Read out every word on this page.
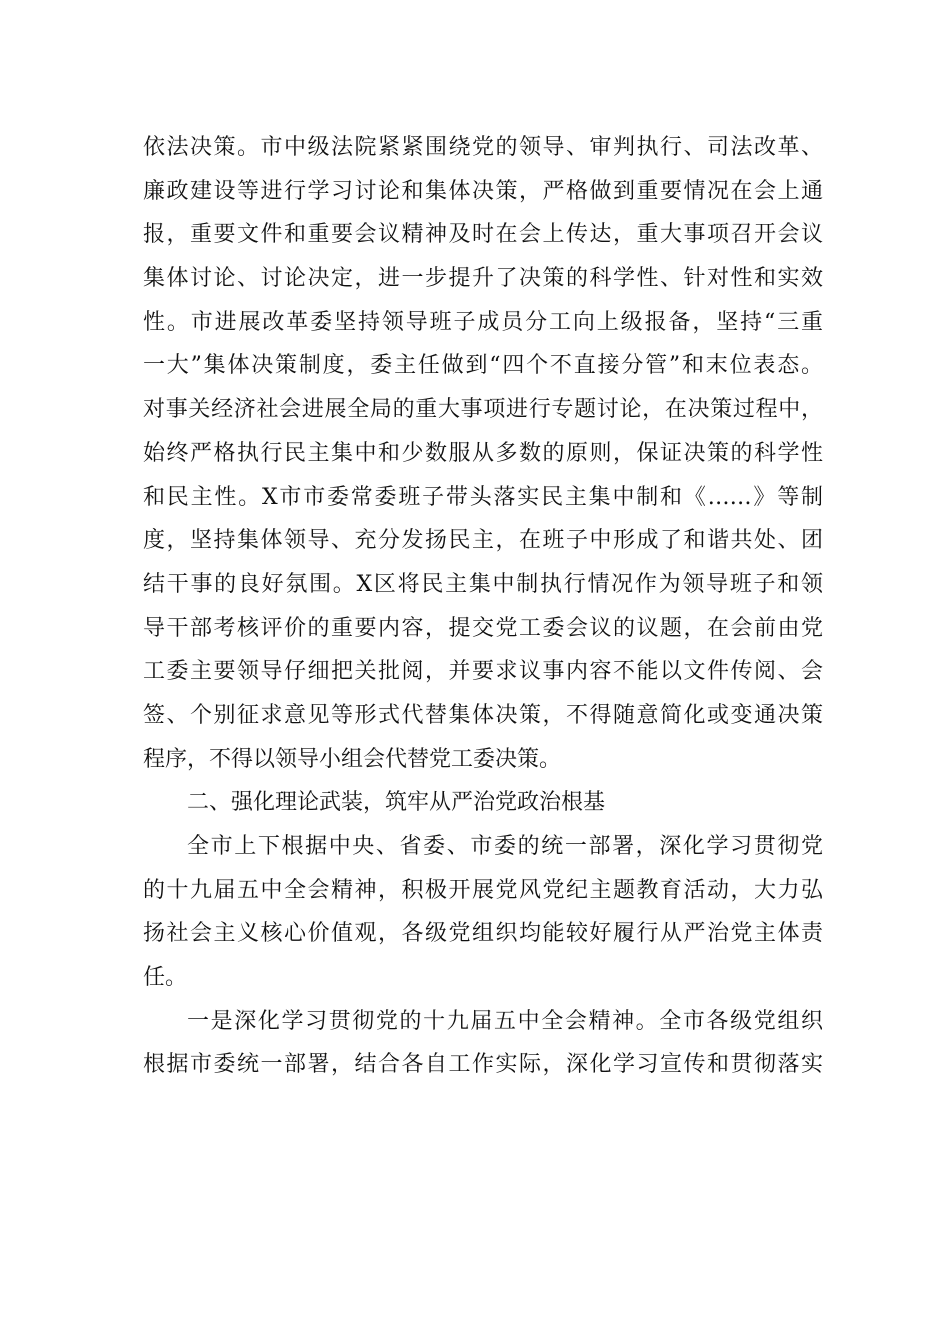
依法决策。市中级法院紧紧围绕党的领导、审判执行、司法改革、
廉政建设等进行学习讨论和集体决策，严格做到重要情况在会上通
报，重要文件和重要会议精神及时在会上传达，重大事项召开会议
集体讨论、讨论决定，进一步提升了决策的科学性、针对性和实效
性。市进展改革委坚持领导班子成员分工向上级报备，坚持“三重
一大”集体决策制度，委主任做到“四个不直接分管”和末位表态。
对事关经济社会进展全局的重大事项进行专题讨论，在决策过程中，
始终严格执行民主集中和少数服从多数的原则，保证决策的科学性
和民主性。X市市委常委班子带头落实民主集中制和《……》等制
度，坚持集体领导、充分发扬民主，在班子中形成了和谐共处、团
结干事的良好氛围。X区将民主集中制执行情况作为领导班子和领
导干部考核评价的重要内容，提交党工委会议的议题，在会前由党
工委主要领导仔细把关批阅，并要求议事内容不能以文件传阅、会
签、个别征求意见等形式代替集体决策，不得随意简化或变通决策
程序，不得以领导小组会代替党工委决策。
二、强化理论武装，筑牢从严治党政治根基
全市上下根据中央、省委、市委的统一部署，深化学习贯彻党
的十九届五中全会精神，积极开展党风党纪主题教育活动，大力弘
扬社会主义核心价值观，各级党组织均能较好履行从严治党主体责
任。
一是深化学习贯彻党的十九届五中全会精神。全市各级党组织
根据市委统一部署，结合各自工作实际，深化学习宣传和贯彻落实
